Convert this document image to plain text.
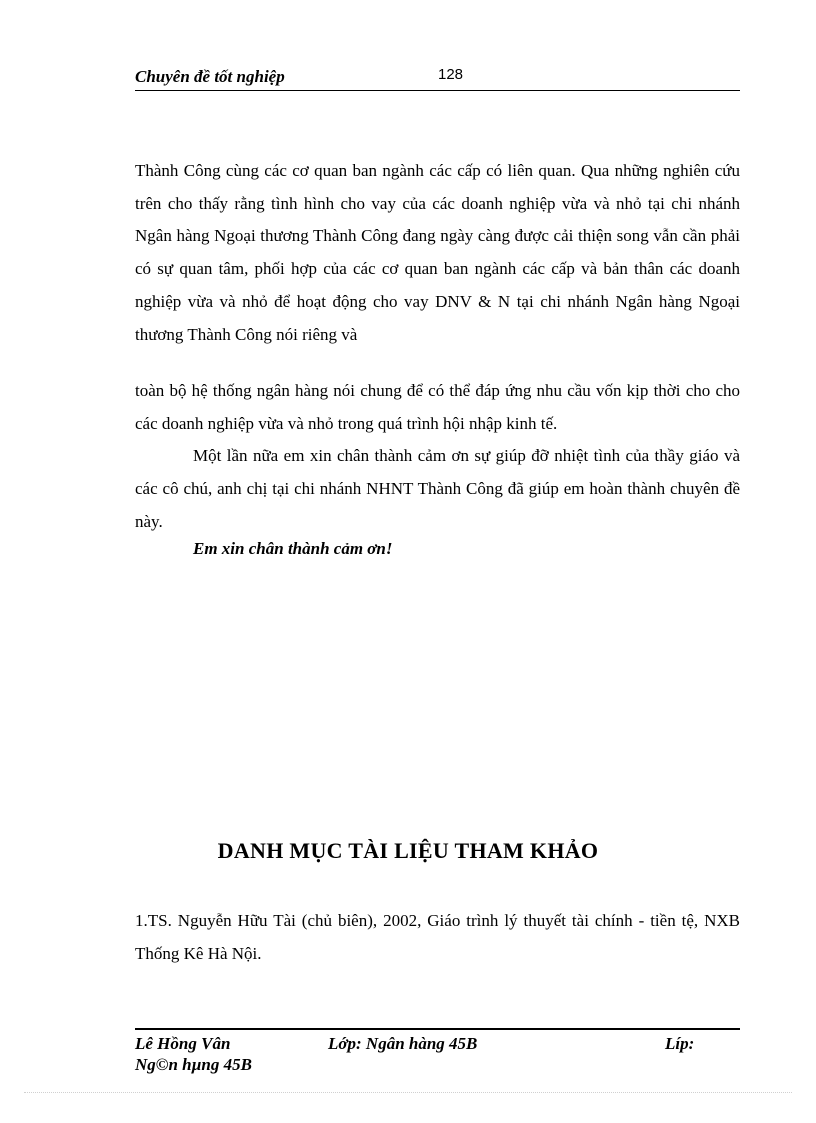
Chuyên đề tốt nghiệp	128
Thành Công cùng các cơ quan ban ngành các cấp có liên quan. Qua những nghiên cứu trên cho thấy rằng tình hình cho vay của các doanh nghiệp vừa và nhỏ tại chi nhánh Ngân hàng Ngoại thương Thành Công đang ngày càng được cải thiện song vẫn cần phải có sự quan tâm, phối hợp của các cơ quan ban ngành các cấp và bản thân các doanh nghiệp vừa và nhỏ để hoạt động cho vay DNV & N tại chi nhánh Ngân hàng Ngoại thương Thành Công nói riêng và
toàn bộ hệ thống ngân hàng nói chung để có thể đáp ứng nhu cầu vốn kịp thời cho cho các doanh nghiệp vừa và nhỏ trong quá trình hội nhập kinh tế.
Một lần nữa em xin chân thành cảm ơn sự giúp đỡ nhiệt tình của thầy giáo và các cô chú, anh chị tại chi nhánh NHNT Thành Công đã giúp em hoàn thành chuyên đề này.
Em xin chân thành cảm ơn!
DANH MỤC TÀI LIỆU THAM KHẢO
1.TS. Nguyễn Hữu Tài (chủ biên), 2002, Giáo trình lý thuyết tài chính - tiền tệ, NXB Thống Kê Hà Nội.
Lê Hồng Vân	Lớp: Ngân hàng 45B	Líp:
Ng©n hµng 45B
